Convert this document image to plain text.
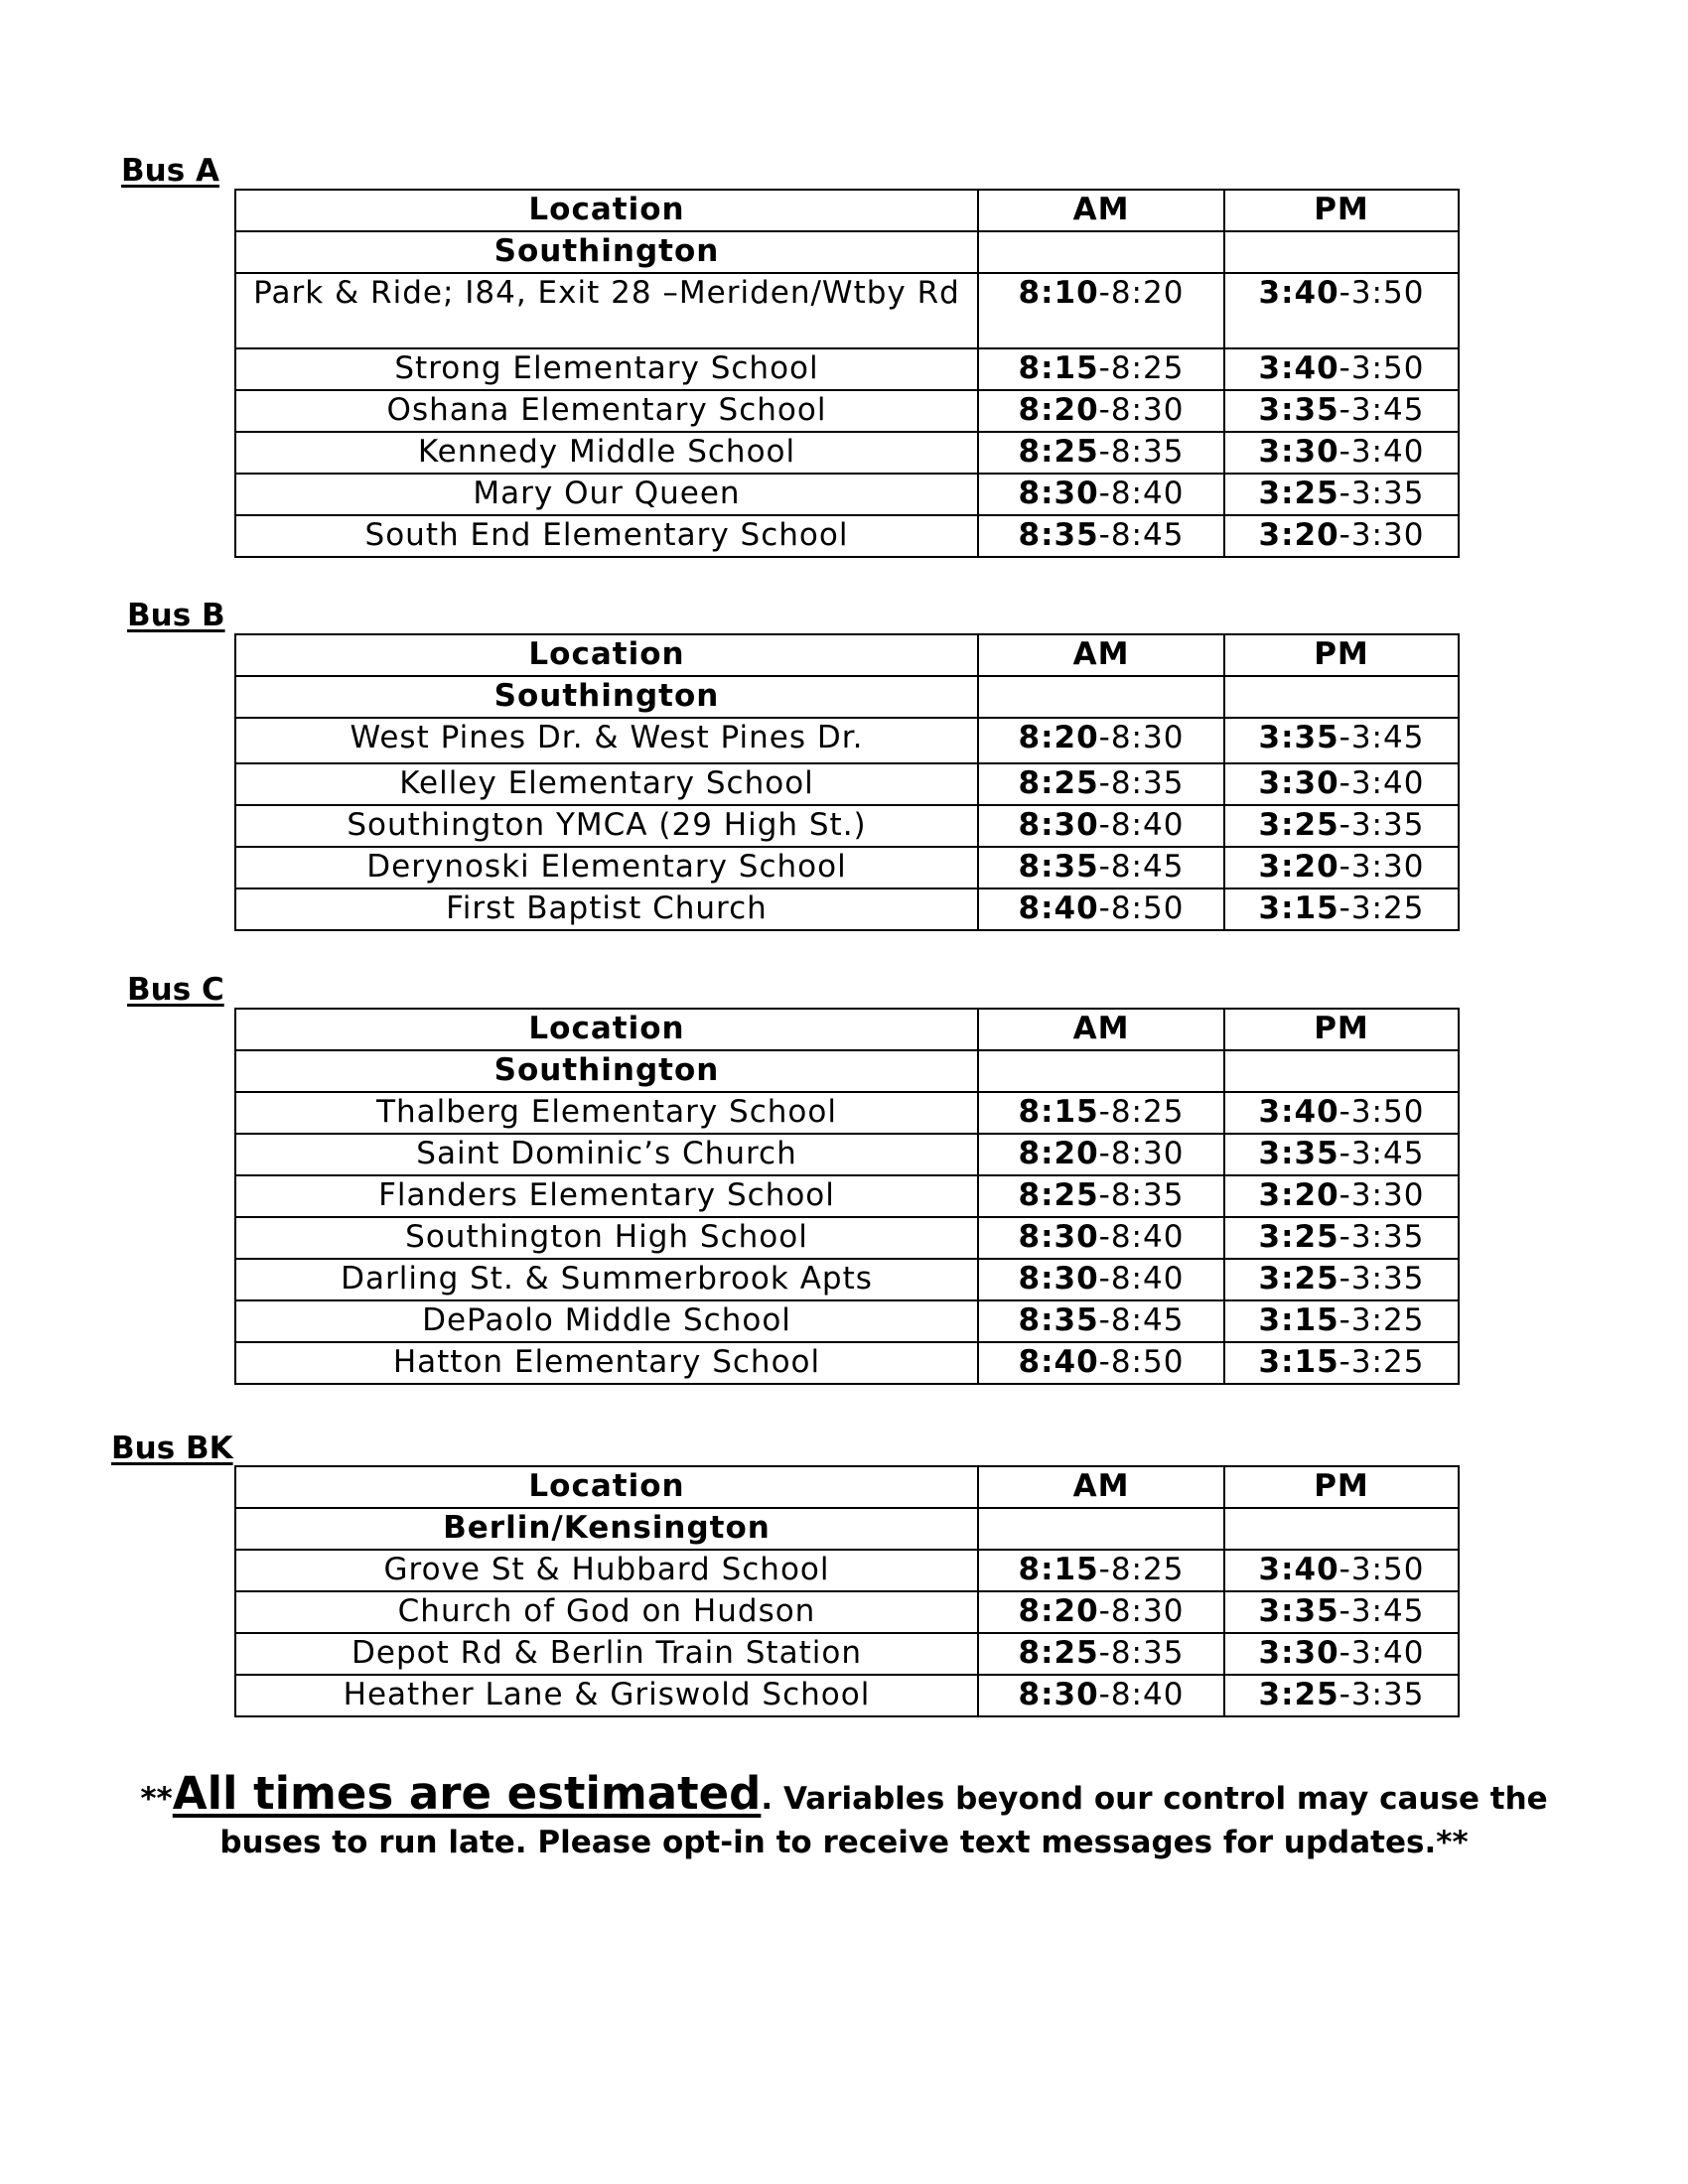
Bus A
Location	AM	PM
Southington		
Park & Ride; I84, Exit 28 –Meriden/Wtby Rd	8:10-8:20	3:40-3:50
Strong Elementary School	8:15-8:25	3:40-3:50
Oshana Elementary School	8:20-8:30	3:35-3:45
Kennedy Middle School	8:25-8:35	3:30-3:40
Mary Our Queen	8:30-8:40	3:25-3:35
South End Elementary School	8:35-8:45	3:20-3:30
Bus B
Location	AM	PM
Southington		
West Pines Dr. & West Pines Dr.	8:20-8:30	3:35-3:45
Kelley Elementary School	8:25-8:35	3:30-3:40
Southington YMCA (29 High St.)	8:30-8:40	3:25-3:35
Derynoski Elementary School	8:35-8:45	3:20-3:30
First Baptist Church	8:40-8:50	3:15-3:25
Bus C
Location	AM	PM
Southington		
Thalberg Elementary School	8:15-8:25	3:40-3:50
Saint Dominic’s Church	8:20-8:30	3:35-3:45
Flanders Elementary School	8:25-8:35	3:20-3:30
Southington High School	8:30-8:40	3:25-3:35
Darling St. & Summerbrook Apts	8:30-8:40	3:25-3:35
DePaolo Middle School	8:35-8:45	3:15-3:25
Hatton Elementary School	8:40-8:50	3:15-3:25
Bus BK
Location	AM	PM
Berlin/Kensington		
Grove St & Hubbard School	8:15-8:25	3:40-3:50
Church of God on Hudson	8:20-8:30	3:35-3:45
Depot Rd & Berlin Train Station	8:25-8:35	3:30-3:40
Heather Lane & Griswold School	8:30-8:40	3:25-3:35
**All times are estimated. Variables beyond our control may cause the
buses to run late. Please opt-in to receive text messages for updates.**
